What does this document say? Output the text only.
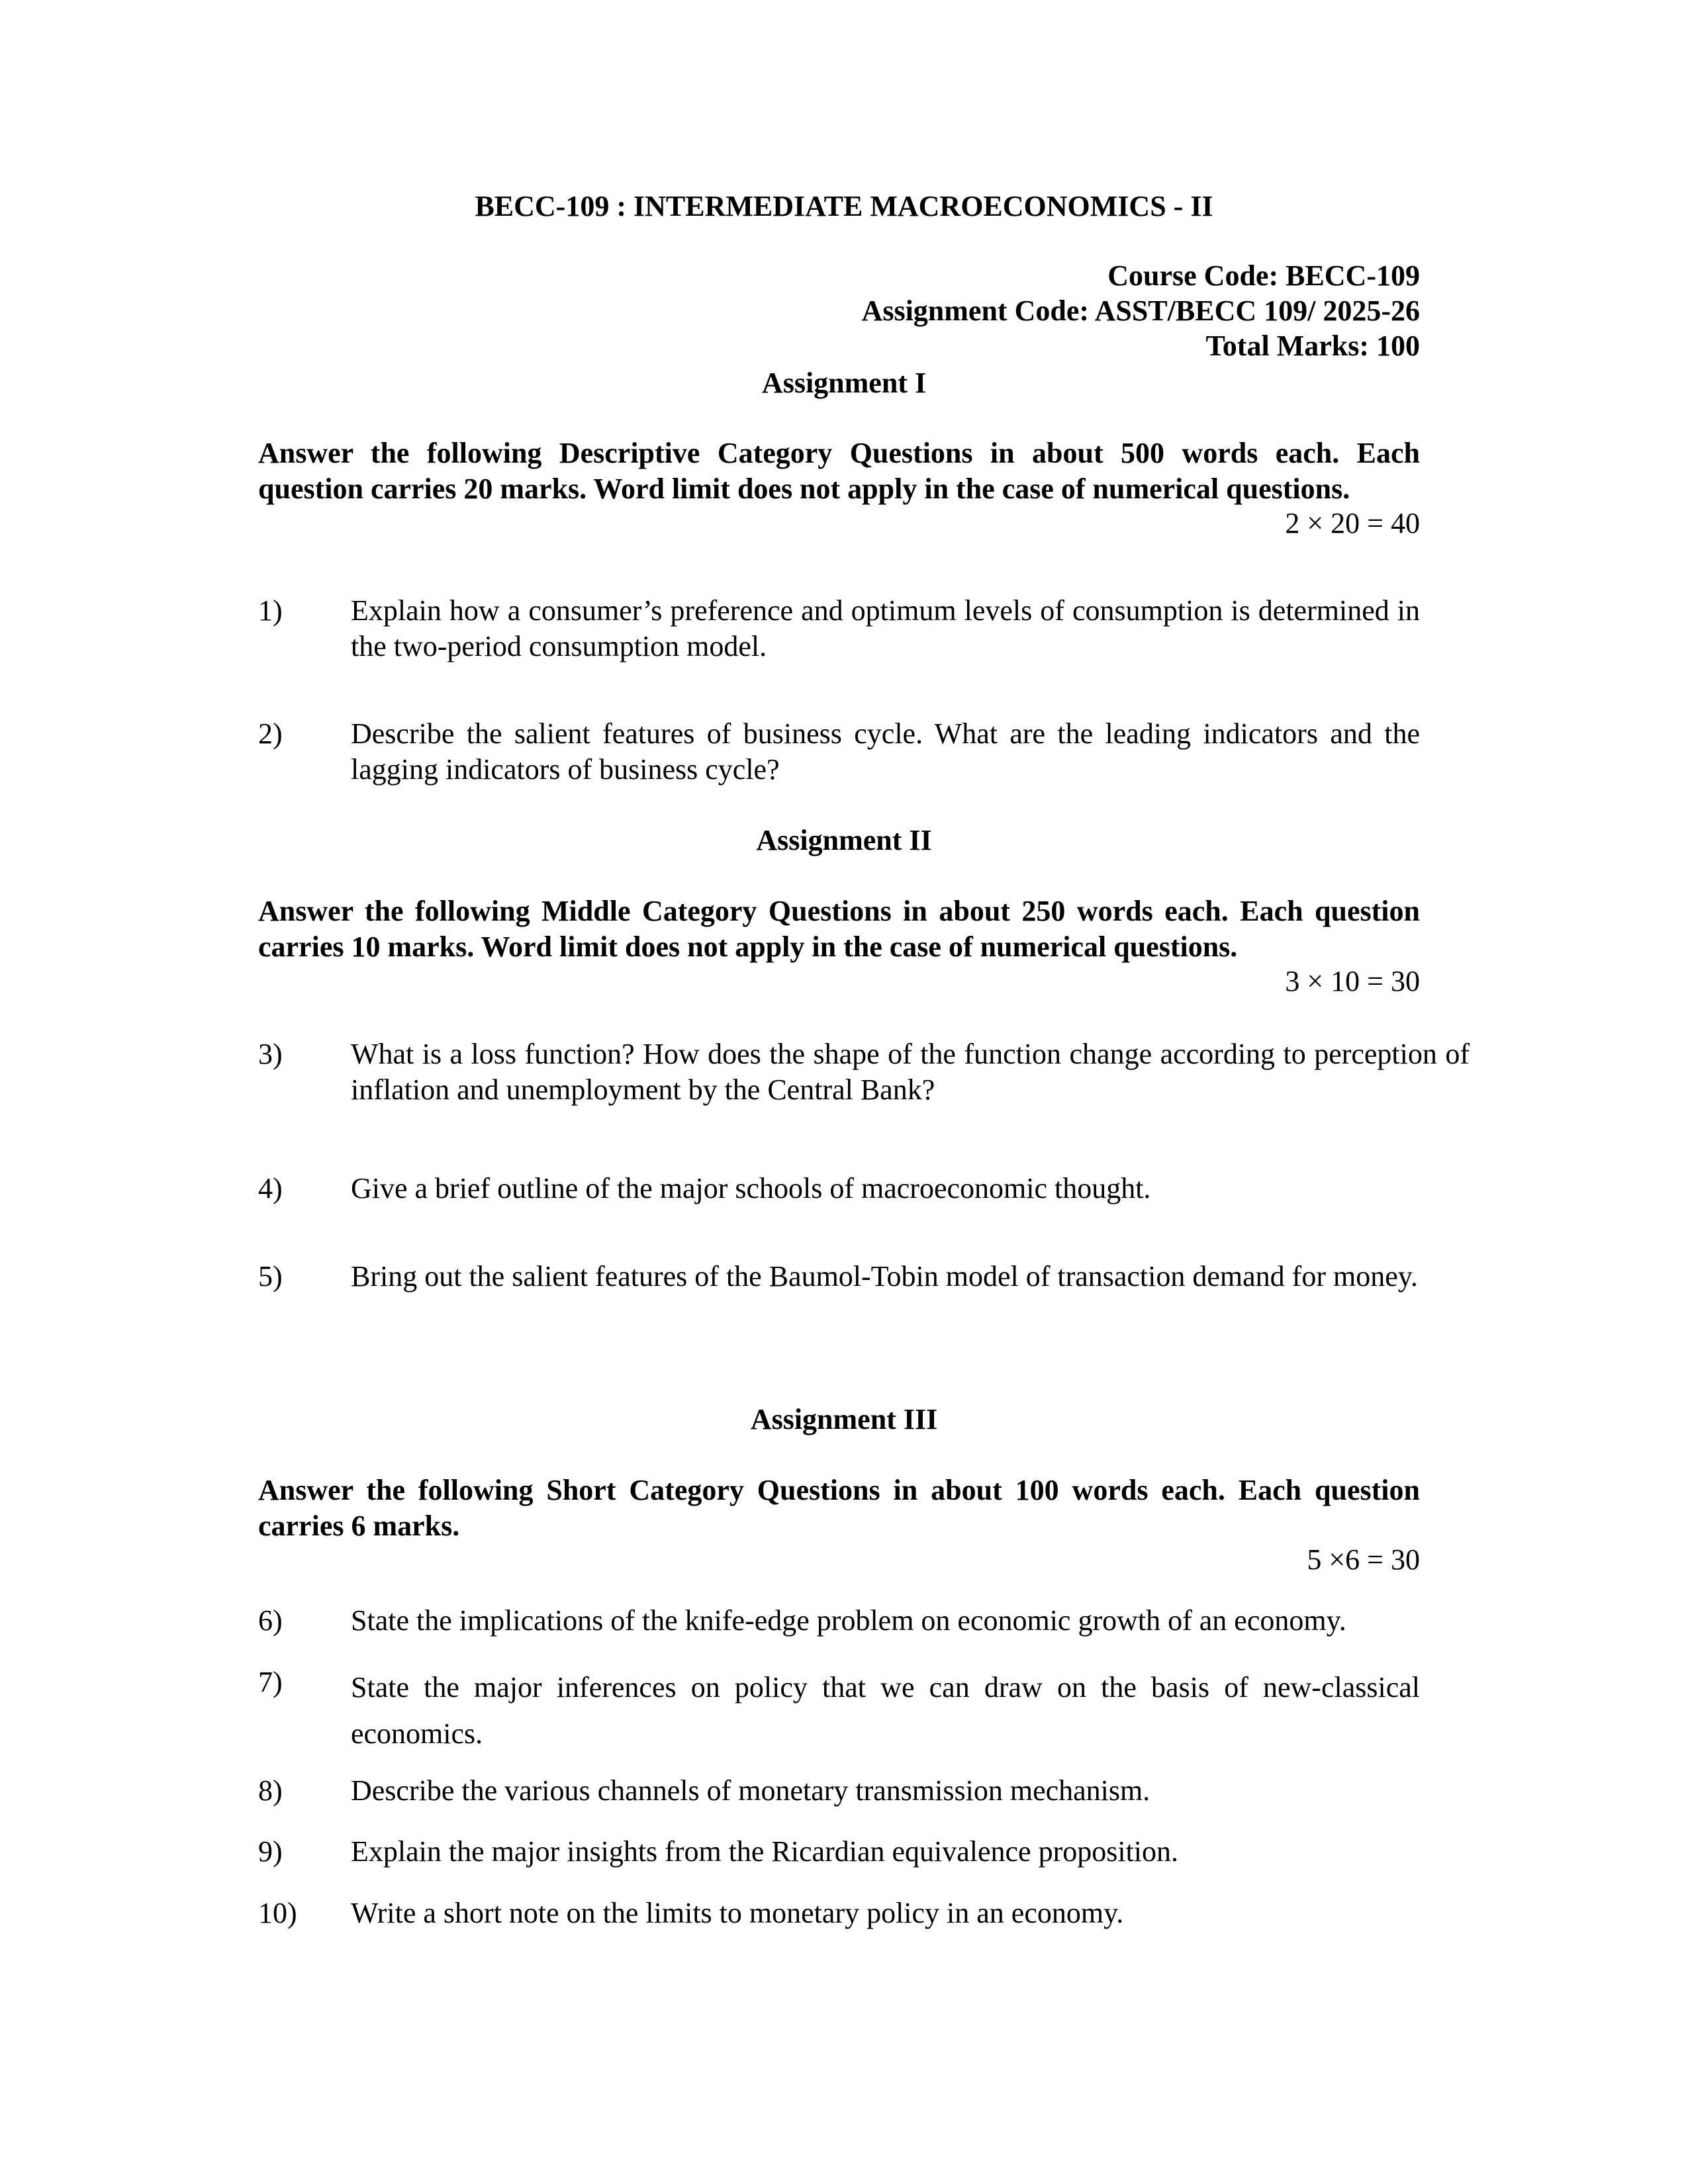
BECC-109 : INTERMEDIATE MACROECONOMICS - II
Course Code: BECC-109
Assignment Code: ASST/BECC 109/ 2025-26
Total Marks: 100
Assignment I
Answer the following Descriptive Category Questions in about 500 words each. Each question carries 20 marks. Word limit does not apply in the case of numerical questions.
2 × 20 = 40
1)	Explain how a consumer’s preference and optimum levels of consumption is determined in the two-period consumption model.
2)	Describe the salient features of business cycle. What are the leading indicators and the lagging indicators of business cycle?
Assignment II
Answer the following Middle Category Questions in about 250 words each. Each question carries 10 marks. Word limit does not apply in the case of numerical questions.
3 × 10 = 30
3)	What is a loss function? How does the shape of the function change according to perception of inflation and unemployment by the Central Bank?
4)	Give a brief outline of the major schools of macroeconomic thought.
5)	Bring out the salient features of the Baumol-Tobin model of transaction demand for money.
Assignment III
Answer the following Short Category Questions in about 100 words each. Each question carries 6 marks.
5 ×6 = 30
6)	State the implications of the knife-edge problem on economic growth of an economy.
7)	State the major inferences on policy that we can draw on the basis of new-classical economics.
8)	Describe the various channels of monetary transmission mechanism.
9)	Explain the major insights from the Ricardian equivalence proposition.
10)	Write a short note on the limits to monetary policy in an economy.
